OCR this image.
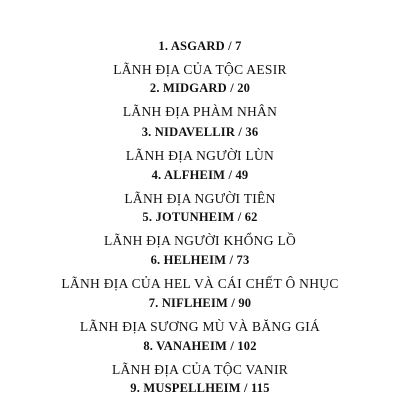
1. ASGARD / 7
LÃNH ĐỊA CỦA TỘC AESIR
2. MIDGARD / 20
LÃNH ĐỊA PHÀM NHÂN
3. NIDAVELLIR / 36
LÃNH ĐỊA NGƯỜI LÙN
4. ALFHEIM / 49
LÃNH ĐỊA NGƯỜI TIÊN
5. JOTUNHEIM / 62
LÃNH ĐỊA NGƯỜI KHỔNG LỒ
6. HELHEIM / 73
LÃNH ĐỊA CỦA HEL VÀ CÁI CHẾT Ô NHỤC
7. NIFLHEIM / 90
LÃNH ĐỊA SƯƠNG MÙ VÀ BĂNG GIÁ
8. VANAHEIM / 102
LÃNH ĐỊA CỦA TỘC VANIR
9. MUSPELLHEIM / 115
